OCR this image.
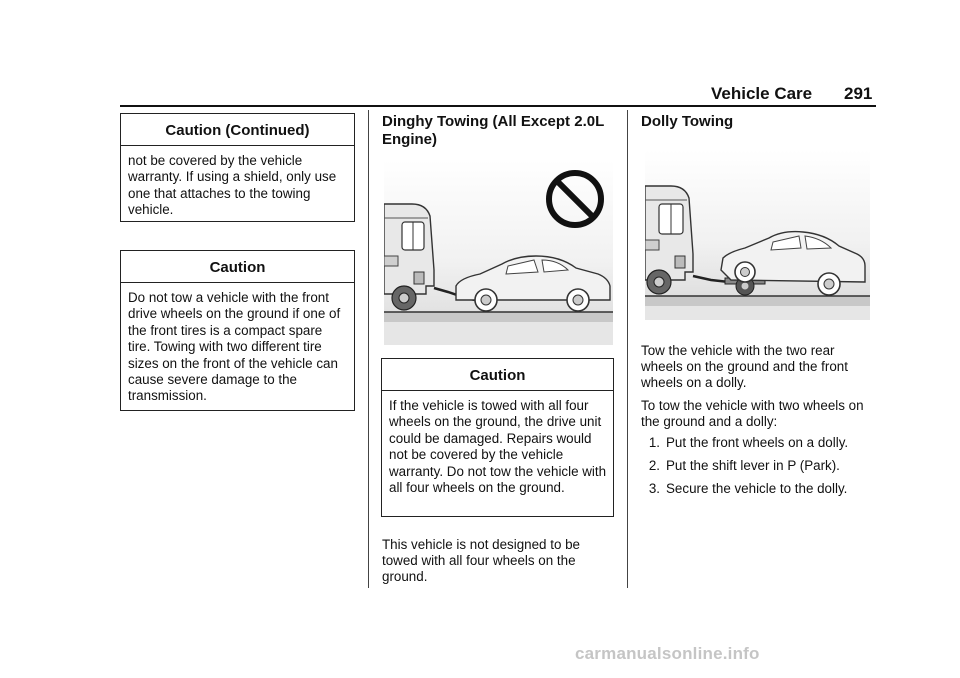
Vehicle Care 291
Caution (Continued)
not be covered by the vehicle warranty. If using a shield, only use one that attaches to the towing vehicle.
Caution
Do not tow a vehicle with the front drive wheels on the ground if one of the front tires is a compact spare tire. Towing with two different tire sizes on the front of the vehicle can cause severe damage to the transmission.
Dinghy Towing (All Except 2.0L Engine)
Caution
If the vehicle is towed with all four wheels on the ground, the drive unit could be damaged. Repairs would not be covered by the vehicle warranty. Do not tow the vehicle with all four wheels on the ground.
This vehicle is not designed to be towed with all four wheels on the ground.
Dolly Towing
Tow the vehicle with the two rear wheels on the ground and the front wheels on a dolly.
To tow the vehicle with two wheels on the ground and a dolly:
1. Put the front wheels on a dolly.
2. Put the shift lever in P (Park).
3. Secure the vehicle to the dolly.
carmanualsonline.info
